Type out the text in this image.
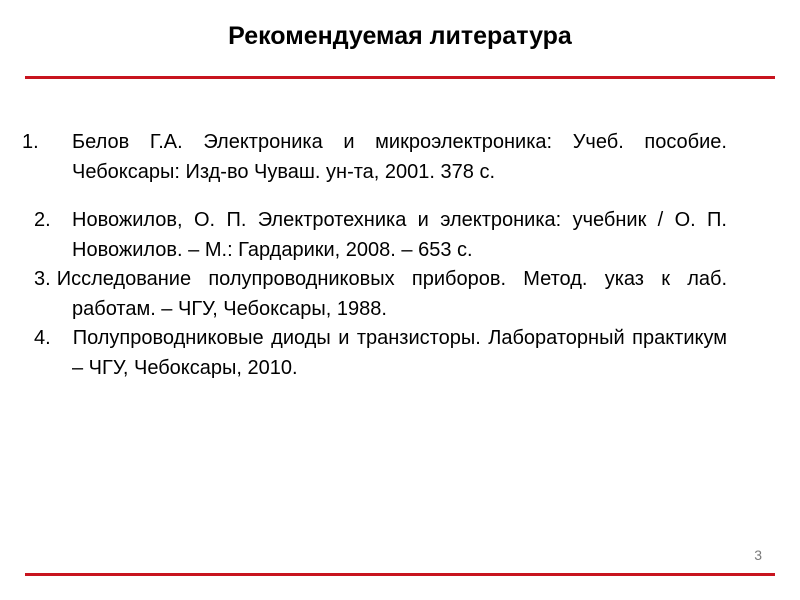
Рекомендуемая литература
1. Белов Г.А. Электроника и микроэлектроника: Учеб. пособие. Чебоксары: Изд-во Чуваш. ун-та, 2001. 378 с.
2. Новожилов, О. П. Электротехника и электроника: учебник / О. П. Новожилов. – М.: Гардарики, 2008. – 653 с.
3. Исследование полупроводниковых приборов. Метод. указ к лаб. работам. – ЧГУ, Чебоксары, 1988.
4. Полупроводниковые диоды и транзисторы. Лабораторный практикум – ЧГУ, Чебоксары, 2010.
3
